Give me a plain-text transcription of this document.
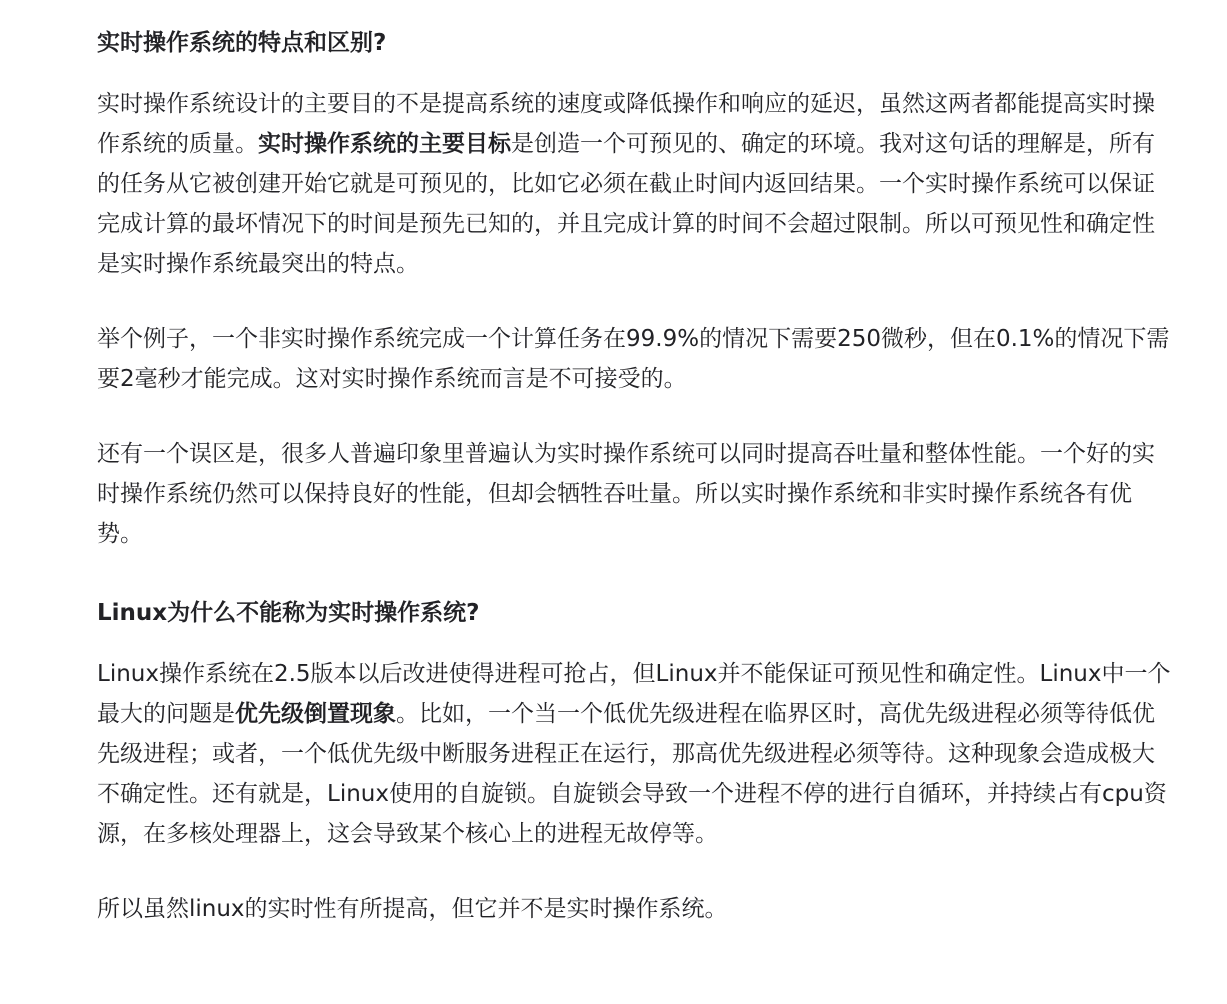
实时操作系统的特点和区别?

实时操作系统设计的主要目的不是提高系统的速度或降低操作和响应的延迟，虽然这两者都能提高实时操作系统的质量。实时操作系统的主要目标是创造一个可预见的、确定的环境。我对这句话的理解是，所有的任务从它被创建开始它就是可预见的，比如它必须在截止时间内返回结果。一个实时操作系统可以保证完成计算的最坏情况下的时间是预先已知的，并且完成计算的时间不会超过限制。所以可预见性和确定性是实时操作系统最突出的特点。

举个例子，一个非实时操作系统完成一个计算任务在99.9%的情况下需要250微秒，但在0.1%的情况下需要2毫秒才能完成。这对实时操作系统而言是不可接受的。

还有一个误区是，很多人普遍印象里普遍认为实时操作系统可以同时提高吞吐量和整体性能。一个好的实时操作系统仍然可以保持良好的性能，但却会牺牲吞吐量。所以实时操作系统和非实时操作系统各有优势。

Linux为什么不能称为实时操作系统?

Linux操作系统在2.5版本以后改进使得进程可抢占，但Linux并不能保证可预见性和确定性。Linux中一个最大的问题是优先级倒置现象。比如，一个当一个低优先级进程在临界区时，高优先级进程必须等待低优先级进程；或者，一个低优先级中断服务进程正在运行，那高优先级进程必须等待。这种现象会造成极大不确定性。还有就是，Linux使用的自旋锁。自旋锁会导致一个进程不停的进行自循环，并持续占有cpu资源，在多核处理器上，这会导致某个核心上的进程无故停等。

所以虽然linux的实时性有所提高，但它并不是实时操作系统。
